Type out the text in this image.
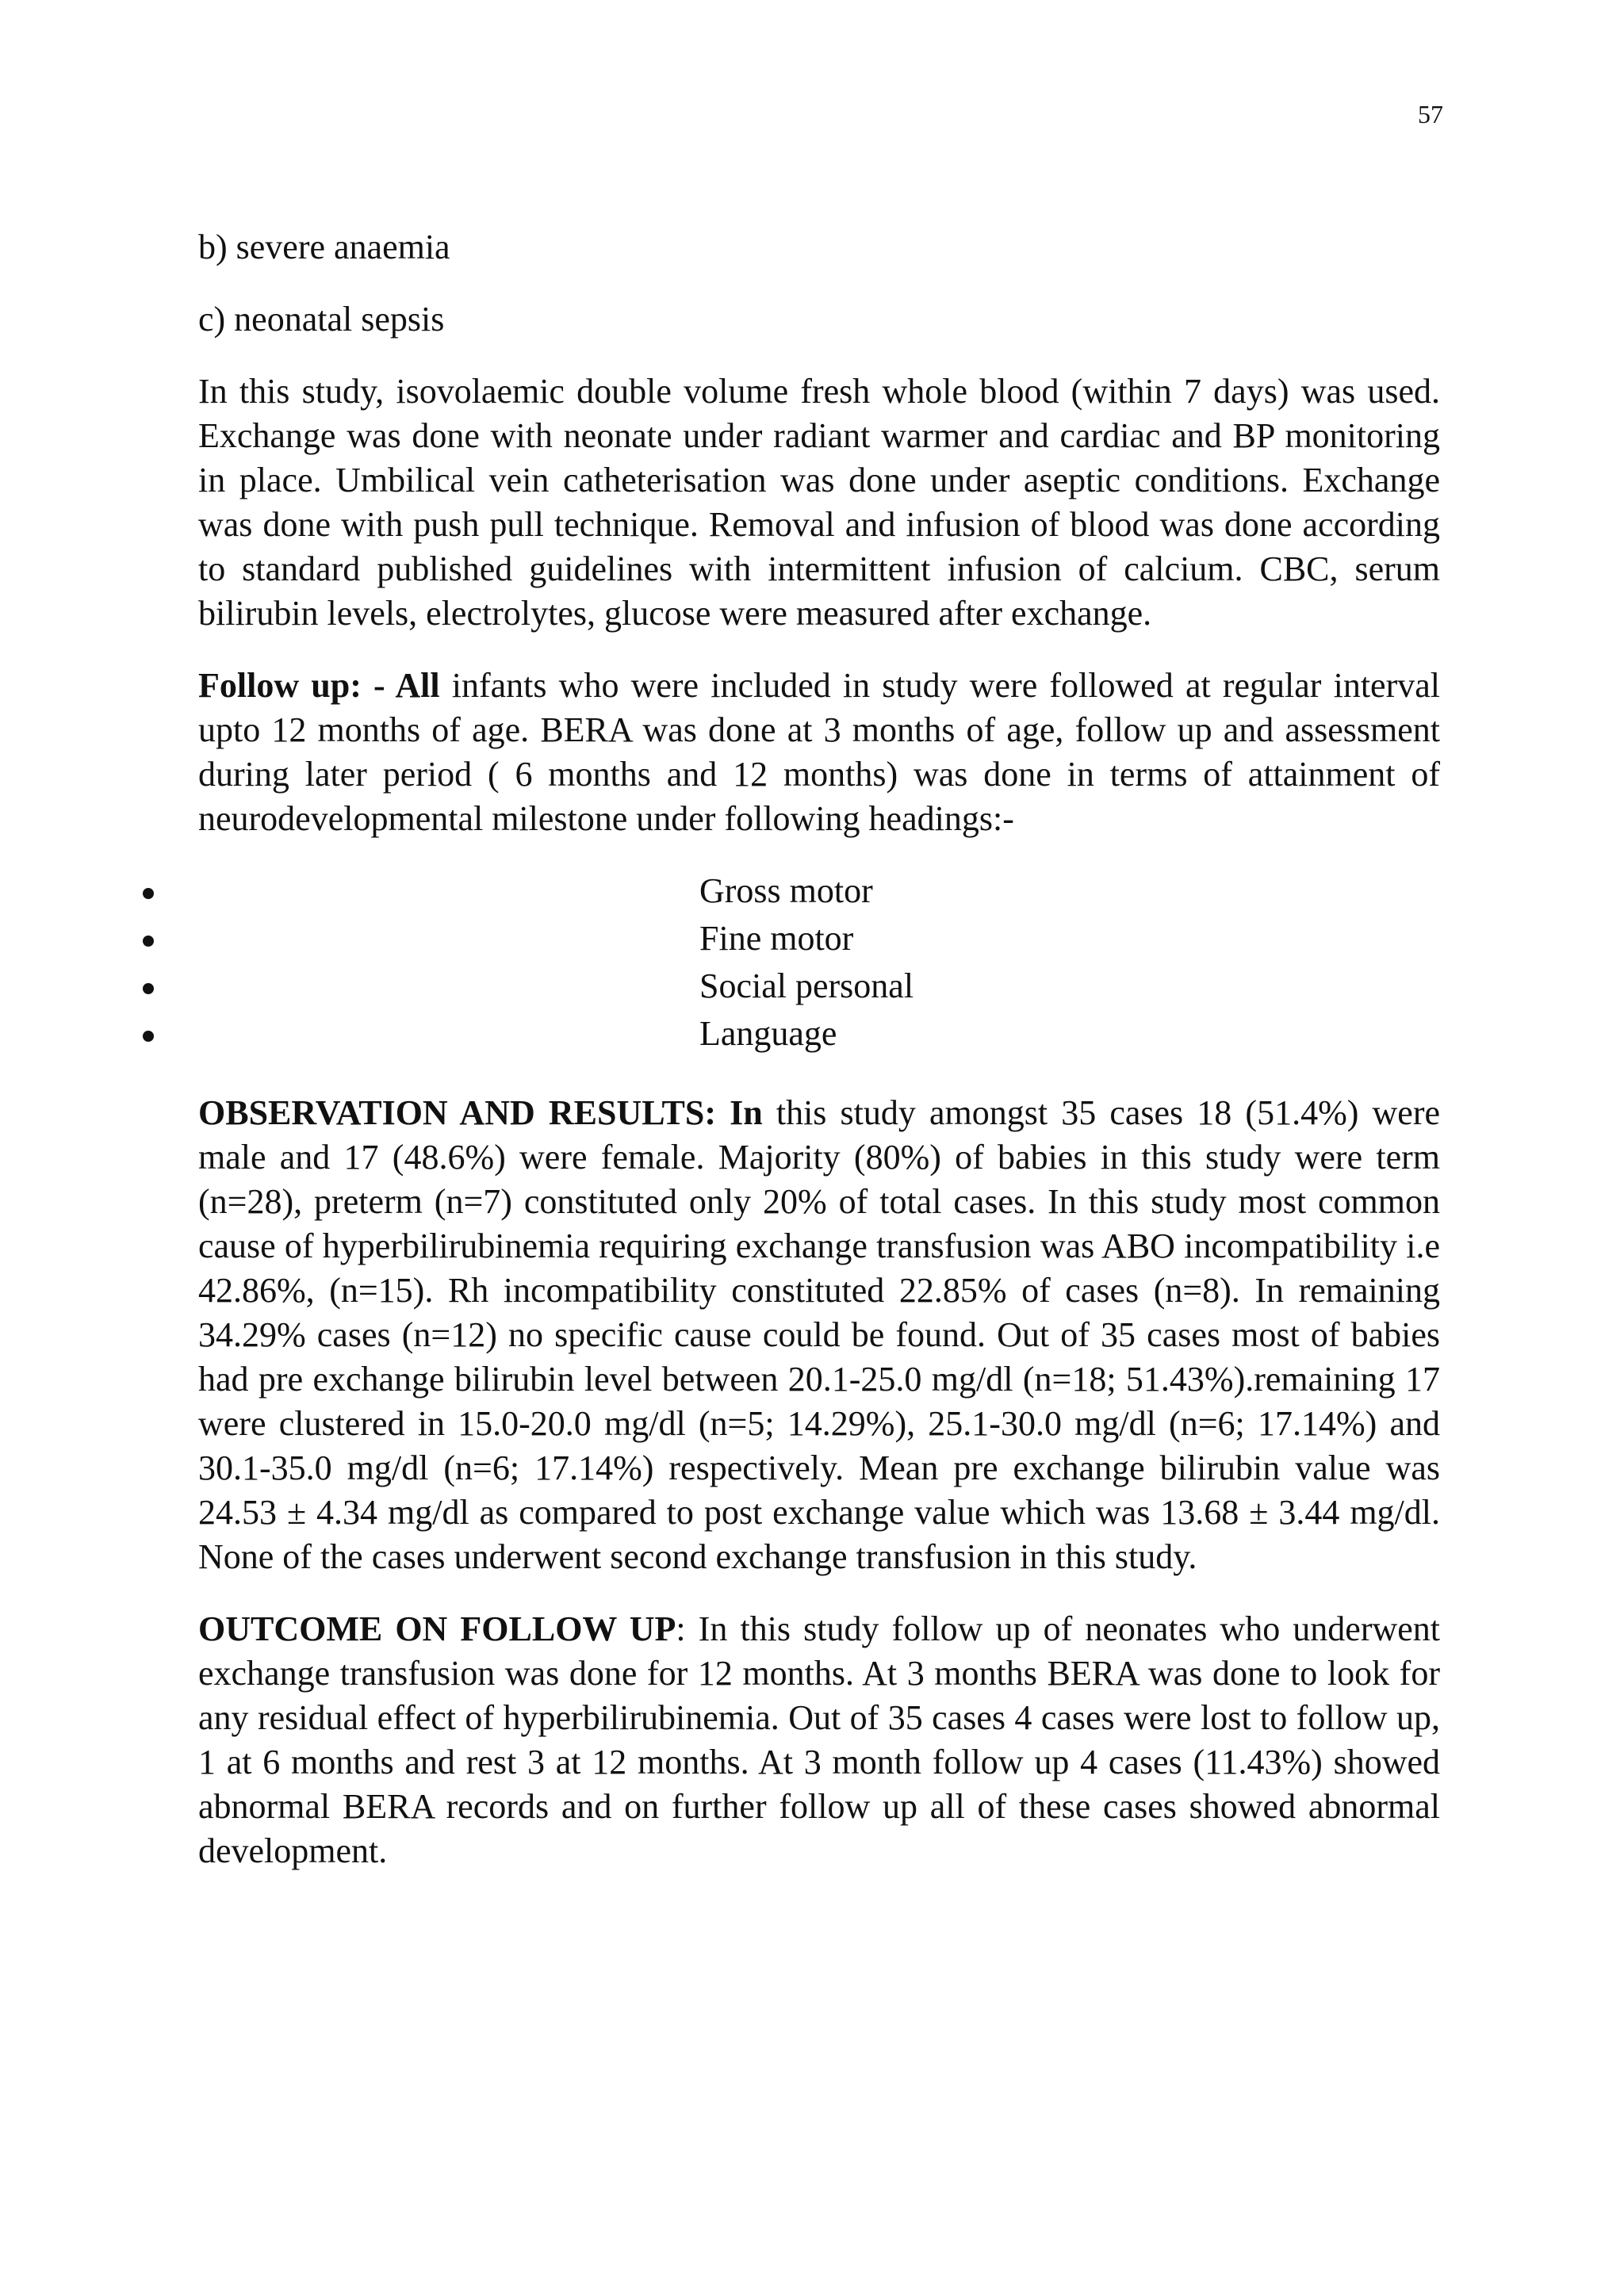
57
b) severe anaemia
c) neonatal sepsis

In this study, isovolaemic double volume fresh whole blood (within 7 days) was used. Exchange was done with neonate under radiant warmer and cardiac and BP monitoring in place. Umbilical vein catheterisation was done under aseptic conditions. Exchange was done with push pull technique. Removal and infusion of blood was done according to standard published guidelines with intermittent infusion of calcium. CBC, serum bilirubin levels, electrolytes, glucose were measured after exchange.

Follow up: - All infants who were included in study were followed at regular interval upto 12 months of age. BERA was done at 3 months of age, follow up and assessment during later period ( 6 months and 12 months) was done in terms of attainment of neurodevelopmental milestone under following headings:-

Gross motor
Fine motor
Social personal
Language

OBSERVATION AND RESULTS: In this study amongst 35 cases 18 (51.4%) were male and 17 (48.6%) were female. Majority (80%) of babies in this study were term (n=28), preterm (n=7) constituted only 20% of total cases. In this study most common cause of hyperbilirubinemia requiring exchange transfusion was ABO incompatibility i.e 42.86%, (n=15). Rh incompatibility constituted 22.85% of cases (n=8). In remaining 34.29% cases (n=12) no specific cause could be found. Out of 35 cases most of babies had pre exchange bilirubin level between 20.1-25.0 mg/dl (n=18; 51.43%).remaining 17 were clustered in 15.0-20.0 mg/dl (n=5; 14.29%), 25.1-30.0 mg/dl (n=6; 17.14%) and 30.1-35.0 mg/dl (n=6; 17.14%) respectively. Mean pre exchange bilirubin value was 24.53 ± 4.34 mg/dl as compared to post exchange value which was 13.68 ± 3.44 mg/dl. None of the cases underwent second exchange transfusion in this study.

OUTCOME ON FOLLOW UP: In this study follow up of neonates who underwent exchange transfusion was done for 12 months. At 3 months BERA was done to look for any residual effect of hyperbilirubinemia. Out of 35 cases 4 cases were lost to follow up, 1 at 6 months and rest 3 at 12 months. At 3 month follow up 4 cases (11.43%) showed abnormal BERA records and on further follow up all of these cases showed abnormal development.
